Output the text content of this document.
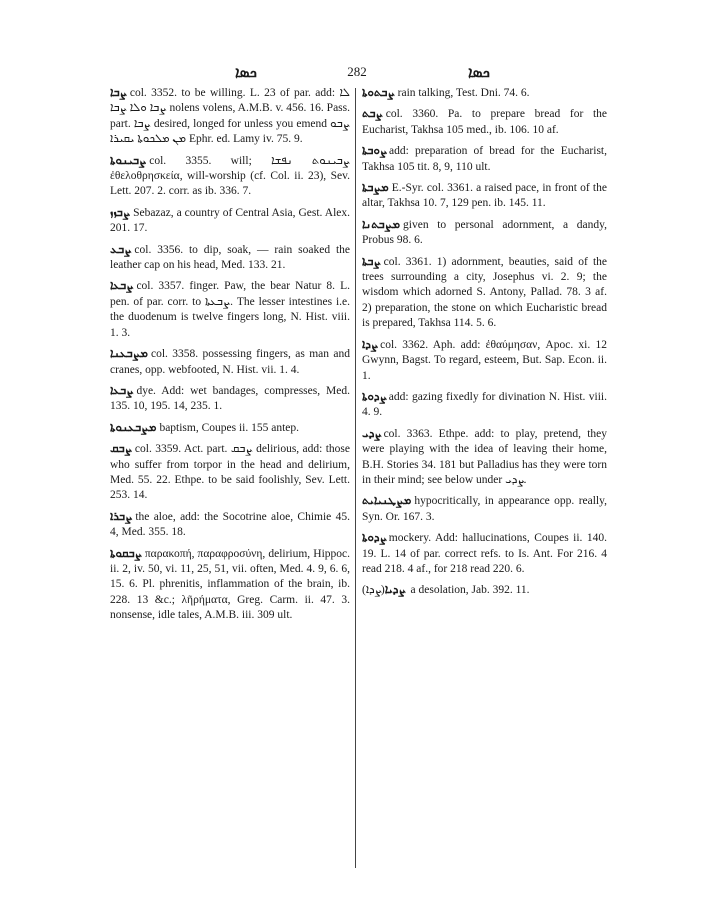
ܟܣܐ	282	ܟܣܐ

ܨܒܐ col. 3352. to be willing. L. 23 of par. add: ܠܐ ܨܒܐ ܘܠܐ ܨܒܐ nolens volens, A.M.B. v. 456. 16. Pass. part. ܨܒܐ desired, longed for unless you emend ܨܒܘ ܡܢ ܡܠܟܘܬܐ ܝܩܝܪܐ Ephr. ed. Lamy iv. 75. 9.

ܨܒܝܢܘܬܐ col. 3355. will; ܨܒܝܢܘܬ ܢܦܫܐ ἐθελοθρησκεία, will-worship (cf. Col. ii. 23), Sev. Lett. 207. 2. corr. as ib. 336. 7.

ܨܒܙܙ Sebazaz, a country of Central Asia, Gest. Alex. 201. 17.

ܨܒܥ col. 3356. to dip, soak, — rain soaked the leather cap on his head, Med. 133. 21.

ܨܒܥܐ col. 3357. finger. Paw, the bear Natur 8. L. pen. of par. corr. to ܨܒܥܬܐ. The lesser intestines i.e. the duodenum is twelve fingers long, N. Hist. viii. 1. 3.

ܡܨܒܥܢܐ col. 3358. possessing fingers, as man and cranes, opp. webfooted, N. Hist. vii. 1. 4.

ܨܒܥܐ dye. Add: wet bandages, compresses, Med. 135. 10, 195. 14, 235. 1.

ܡܨܒܥܢܘܬܐ baptism, Coupes ii. 155 antep.

ܨܒܩ col. 3359. Act. part. ܨܒܩ delirious, add: those who suffer from torpor in the head and delirium, Med. 55. 22. Ethpe. to be said foolishly, Sev. Lett. 253. 14.

ܨܒܪܐ the aloe, add: the Socotrine aloe, Chimie 45. 4, Med. 355. 18.

ܨܒܩܘܬܐ παρακοπή, παραφροσύνη, delirium, Hippoc. ii. 2, iv. 50, vi. 11, 25, 51, vii. often, Med. 4. 9, 6. 6, 15. 6. Pl. phrenitis, inflammation of the brain, ib. 228. 13 &c.; λῆρήματα, Greg. Carm. ii. 47. 3. nonsense, idle tales, A.M.B. iii. 309 ult.

ܨܒܬܘܬܐ rain talking, Test. Dni. 74. 6.

ܨܒܬ col. 3360. Pa. to prepare bread for the Eucharist, Takhsa 105 med., ib. 106. 10 af.

ܨܘܒܬܐ add: preparation of bread for the Eucharist, Takhsa 105 tit. 8, 9, 110 ult.

ܡܨܒܬܐ E.-Syr. col. 3361. a raised pace, in front of the altar, Takhsa 10. 7, 129 pen. ib. 145. 11.

ܡܨܒܬܢܐ given to personal adornment, a dandy, Probus 98. 6.

ܨܒܬܐ col. 3361. 1) adornment, beauties, said of the trees surrounding a city, Josephus vi. 2. 9; the wisdom which adorned S. Antony, Pallad. 78. 3 af. 2) preparation, the stone on which Eucharistic bread is prepared, Takhsa 114. 5. 6.

ܨܕܐ col. 3362. Aph. add: ἐθαύμησαν, Apoc. xi. 12 Gwynn, Bagst. To regard, esteem, But. Sap. Econ. ii. 1.

ܨܕܘܬܐ add: gazing fixedly for divination N. Hist. viii. 4. 9.

ܨܕܝ col. 3363. Ethpe. add: to play, pretend, they were playing with the idea of leaving their home, B.H. Stories 34. 181 but Palladius has they were torn in their mind; see below under ܨܕܝ.

ܡܨܛܢܝܐܝܬ hypocritically, in appearance opp. really, Syn. Or. 167. 3.

ܨܕܘܬܐ mockery. Add: hallucinations, Coupes ii. 140. 19. L. 14 of par. correct refs. to Is. Ant. For 216. 4 read 218. 4 af., for 218 read 220. 6.

ܨܕܝܐ(ܨܕܐ) a desolation, Jab. 392. 11.
